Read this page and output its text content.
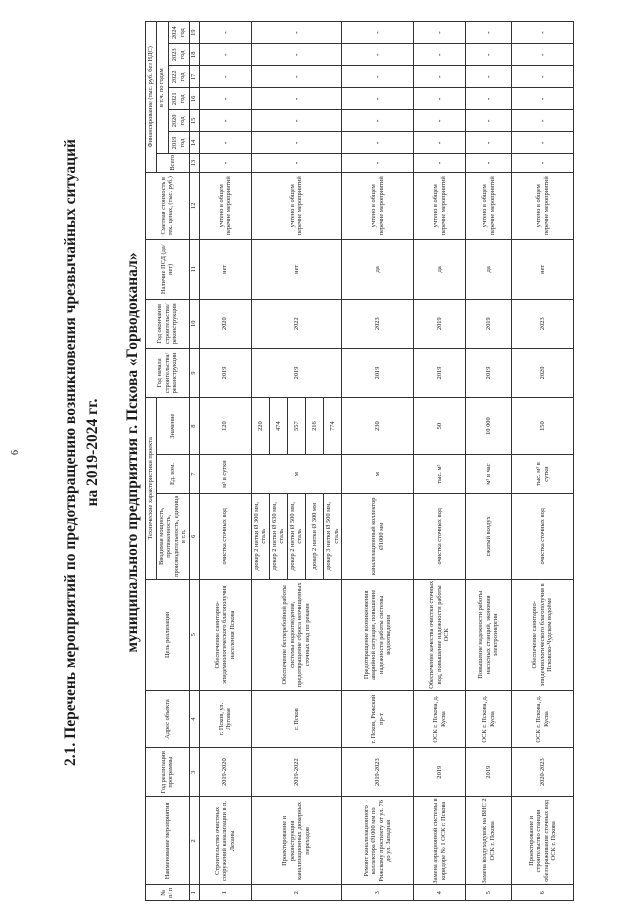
6	2.1. Перечень мероприятий по предотвращению возникновения чрезвычайных ситуаций на 2019-2024 гг. муниципального предприятия г. Пскова «Горводоканал»
№ п/ п	Наименование мероприятия	Год реализации программы	Адрес объекта	Цель реализации	Технические характеристики проекта			Год начала строительства/ реконструкции	Год окончания строительства/ реконструкции	Наличие ПСД (да/нет)	Сметная стоимость в тек. ценах, (тыс. руб.)	Финансирование (тыс. руб. без НДС)						
					Вводимая мощность, протяженность, производительность, единица в т.п.	Ед. изм.	Значение					Всего	в т.ч. по годам					
													2019 год	2020 год	2021 год	2022 год	2023 год	2024 год
1	2	3	4	5	6	7	8	9	10	11	12	13	14	15	16	17	18	19
1	Строительство очистных сооружений канализации в п. Леханы	2019-2020	г. Псков, ул. Луговая	Обеспечение санитарно-эпидемиологического благополучия населения Пскова	очистка сточных вод	м³ в сутки	120	2019	2020	нет	учтено в общем перечне мероприятий	-	-	-	-	-	-	-
2	Проектирование и реконструкция канализационных дюкерных переходов	2019-2022	г. Псков	Обеспечение бесперебойной работы системы водоотведения, предотвращение сброса неочищенных сточных вод пп реками	дюкер 2 нитки Ø 300 мм, сталь	м	220	2019	2022	нет	учтено в общем перечне мероприятий	-	-	-	-	-	-	-
					дюкер 2 нитки Ø 630 мм, сталь		474											
					дюкер 2 нитки Ø 500 мм, сталь		557											
					дюкер 2 нитки Ø 300 мм		216											
					дюкер 3 нитки Ø 500 мм, сталь		774											
3	Ремонт канализационного коллектора Ø1000 мм по Рижскому проспекту от ул. 76 до ул. Западная	2019-2023	г. Псков, Рижский пр-т	Предотвращение возникновения аварийной ситуации, повышение надежности работы системы водоотведения	канализационный коллектор Ø1000 мм	м	230	2019	2023	да	учтено в общем перечне мероприятий	-	-	-	-	-	-	-
4	Замена аэрационной системы в коридоре № 1 ОСК г. Пскова	2019	ОСК г. Пскова, д. Кусва	Обеспечение качества очистки сточных вод, повышение надежности работы ОСК	очистка сточных вод	тыс. м³	50	2019	2019	да	учтено в общем перечне мероприятий	-	-	-	-	-	-	-
5	Замена воздуходувок на ВНС 2 ОСК г. Пскова	2019	ОСК г. Пскова, д. Кусва	Повышение надежности работы насосных станций, экономия электроэнергии	сжатый воздух	м³ в час	10 000	2019	2019	да	учтено в общем перечне мероприятий	-	-	-	-	-	-	-
6	Проектирование и строительство станции обеззараживания сточных вод ОСК г. Пскова	2020-2023	ОСК г. Пскова, д. Кусва	Обеспечение санитарно-эпидемиологического благополучия в Псковско-Чудском водоёме	очистка сточных вод	тыс. м³ в сутки	150	2020	2023	нет	учтено в общем перечне мероприятий	-	-	-	-	-	-	-
